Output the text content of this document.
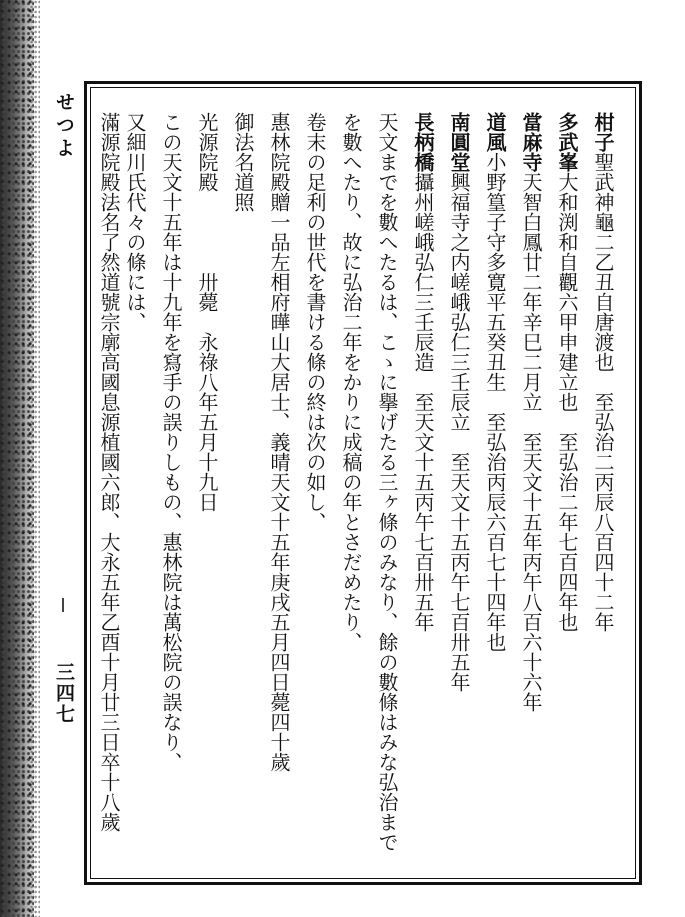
せつよ
三四七
柑子聖武神龜二乙丑自唐渡也　至弘治二丙辰八百四十二年
多武峯大和渕和自觀六甲申建立也　至弘治二年七百四年也
當麻寺天智白鳳廿二年辛巳二月立　至天文十五年丙午八百六十六年
道風小野篁子守多寛平五癸丑生　至弘治丙辰六百七十四年也
南圓堂興福寺之内嵯峨弘仁三壬辰立　至天文十五丙午七百卅五年
長柄橋攝州嵯峨弘仁三壬辰造　至天文十五丙午七百卅五年
天文までを數へたるは、こゝに擧げたる三ヶ條のみなり、餘の數條はみな弘治まで
を數へたり、故に弘治二年をかりに成稿の年とさだめたり、
卷末の足利の世代を書ける條の終は次の如し、
惠林院殿贈一品左相府曄山大居士、義晴天文十五年庚戌五月四日薨四十歲
御法名道照
光源院殿　　　　卅薨　永祿八年五月十九日
この天文十五年は十九年を寫手の誤りしもの、惠林院は萬松院の誤なり、
又細川氏代々の條には、
滿源院殿法名了然道號宗廓高國息源植國六郎、大永五年乙酉十月廿三日卒十八歲
